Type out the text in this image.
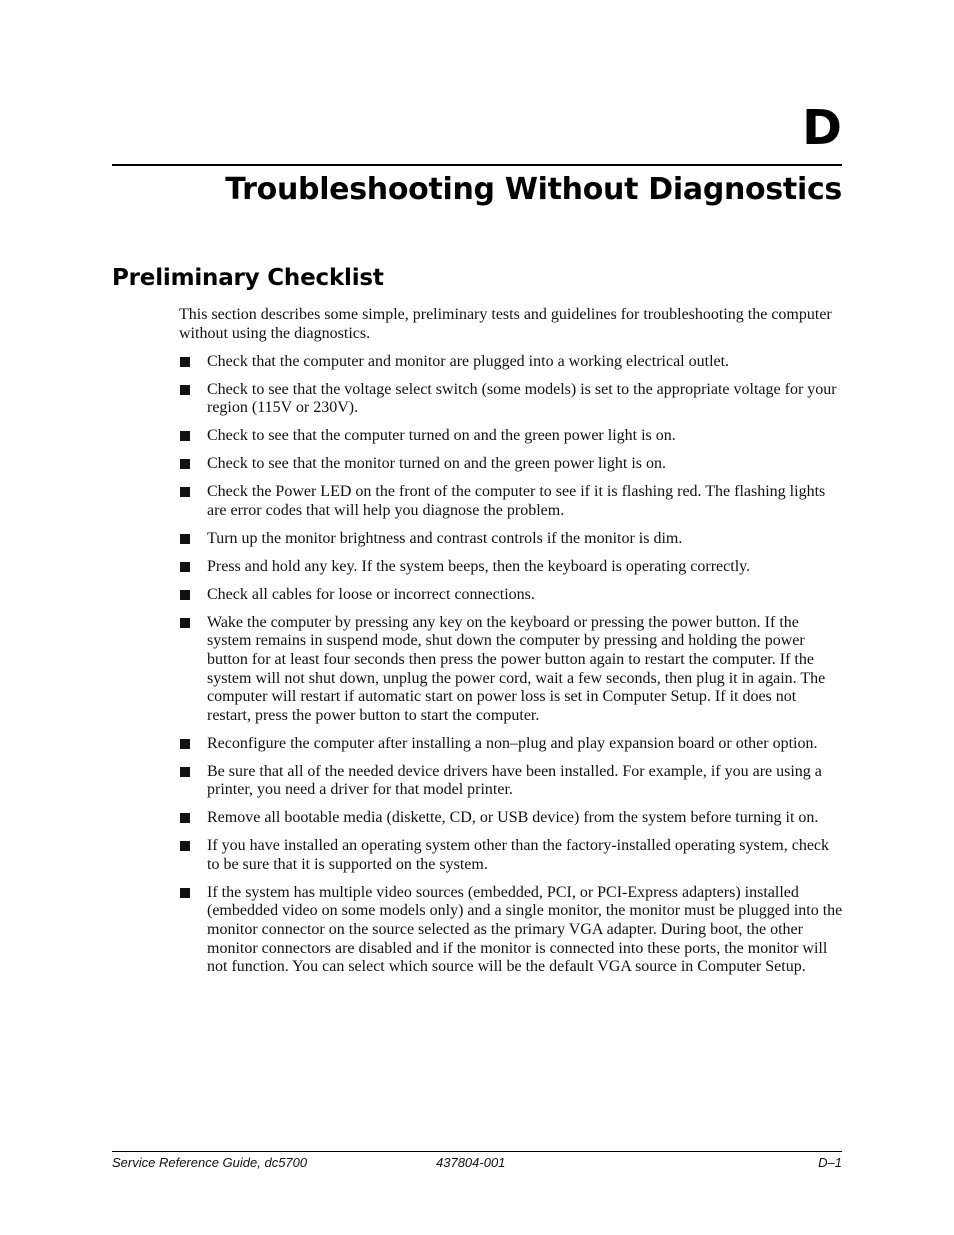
D
Troubleshooting Without Diagnostics
Preliminary Checklist

This section describes some simple, preliminary tests and guidelines for troubleshooting the computer without using the diagnostics.

Check that the computer and monitor are plugged into a working electrical outlet.
Check to see that the voltage select switch (some models) is set to the appropriate voltage for your region (115V or 230V).
Check to see that the computer turned on and the green power light is on.
Check to see that the monitor turned on and the green power light is on.
Check the Power LED on the front of the computer to see if it is flashing red. The flashing lights are error codes that will help you diagnose the problem.
Turn up the monitor brightness and contrast controls if the monitor is dim.
Press and hold any key. If the system beeps, then the keyboard is operating correctly.
Check all cables for loose or incorrect connections.
Wake the computer by pressing any key on the keyboard or pressing the power button. If the system remains in suspend mode, shut down the computer by pressing and holding the power button for at least four seconds then press the power button again to restart the computer. If the system will not shut down, unplug the power cord, wait a few seconds, then plug it in again. The computer will restart if automatic start on power loss is set in Computer Setup. If it does not restart, press the power button to start the computer.
Reconfigure the computer after installing a non–plug and play expansion board or other option.
Be sure that all of the needed device drivers have been installed. For example, if you are using a printer, you need a driver for that model printer.
Remove all bootable media (diskette, CD, or USB device) from the system before turning it on.
If you have installed an operating system other than the factory-installed operating system, check to be sure that it is supported on the system.
If the system has multiple video sources (embedded, PCI, or PCI-Express adapters) installed (embedded video on some models only) and a single monitor, the monitor must be plugged into the monitor connector on the source selected as the primary VGA adapter. During boot, the other monitor connectors are disabled and if the monitor is connected into these ports, the monitor will not function. You can select which source will be the default VGA source in Computer Setup.
Service Reference Guide, dc5700	437804-001	D–1
